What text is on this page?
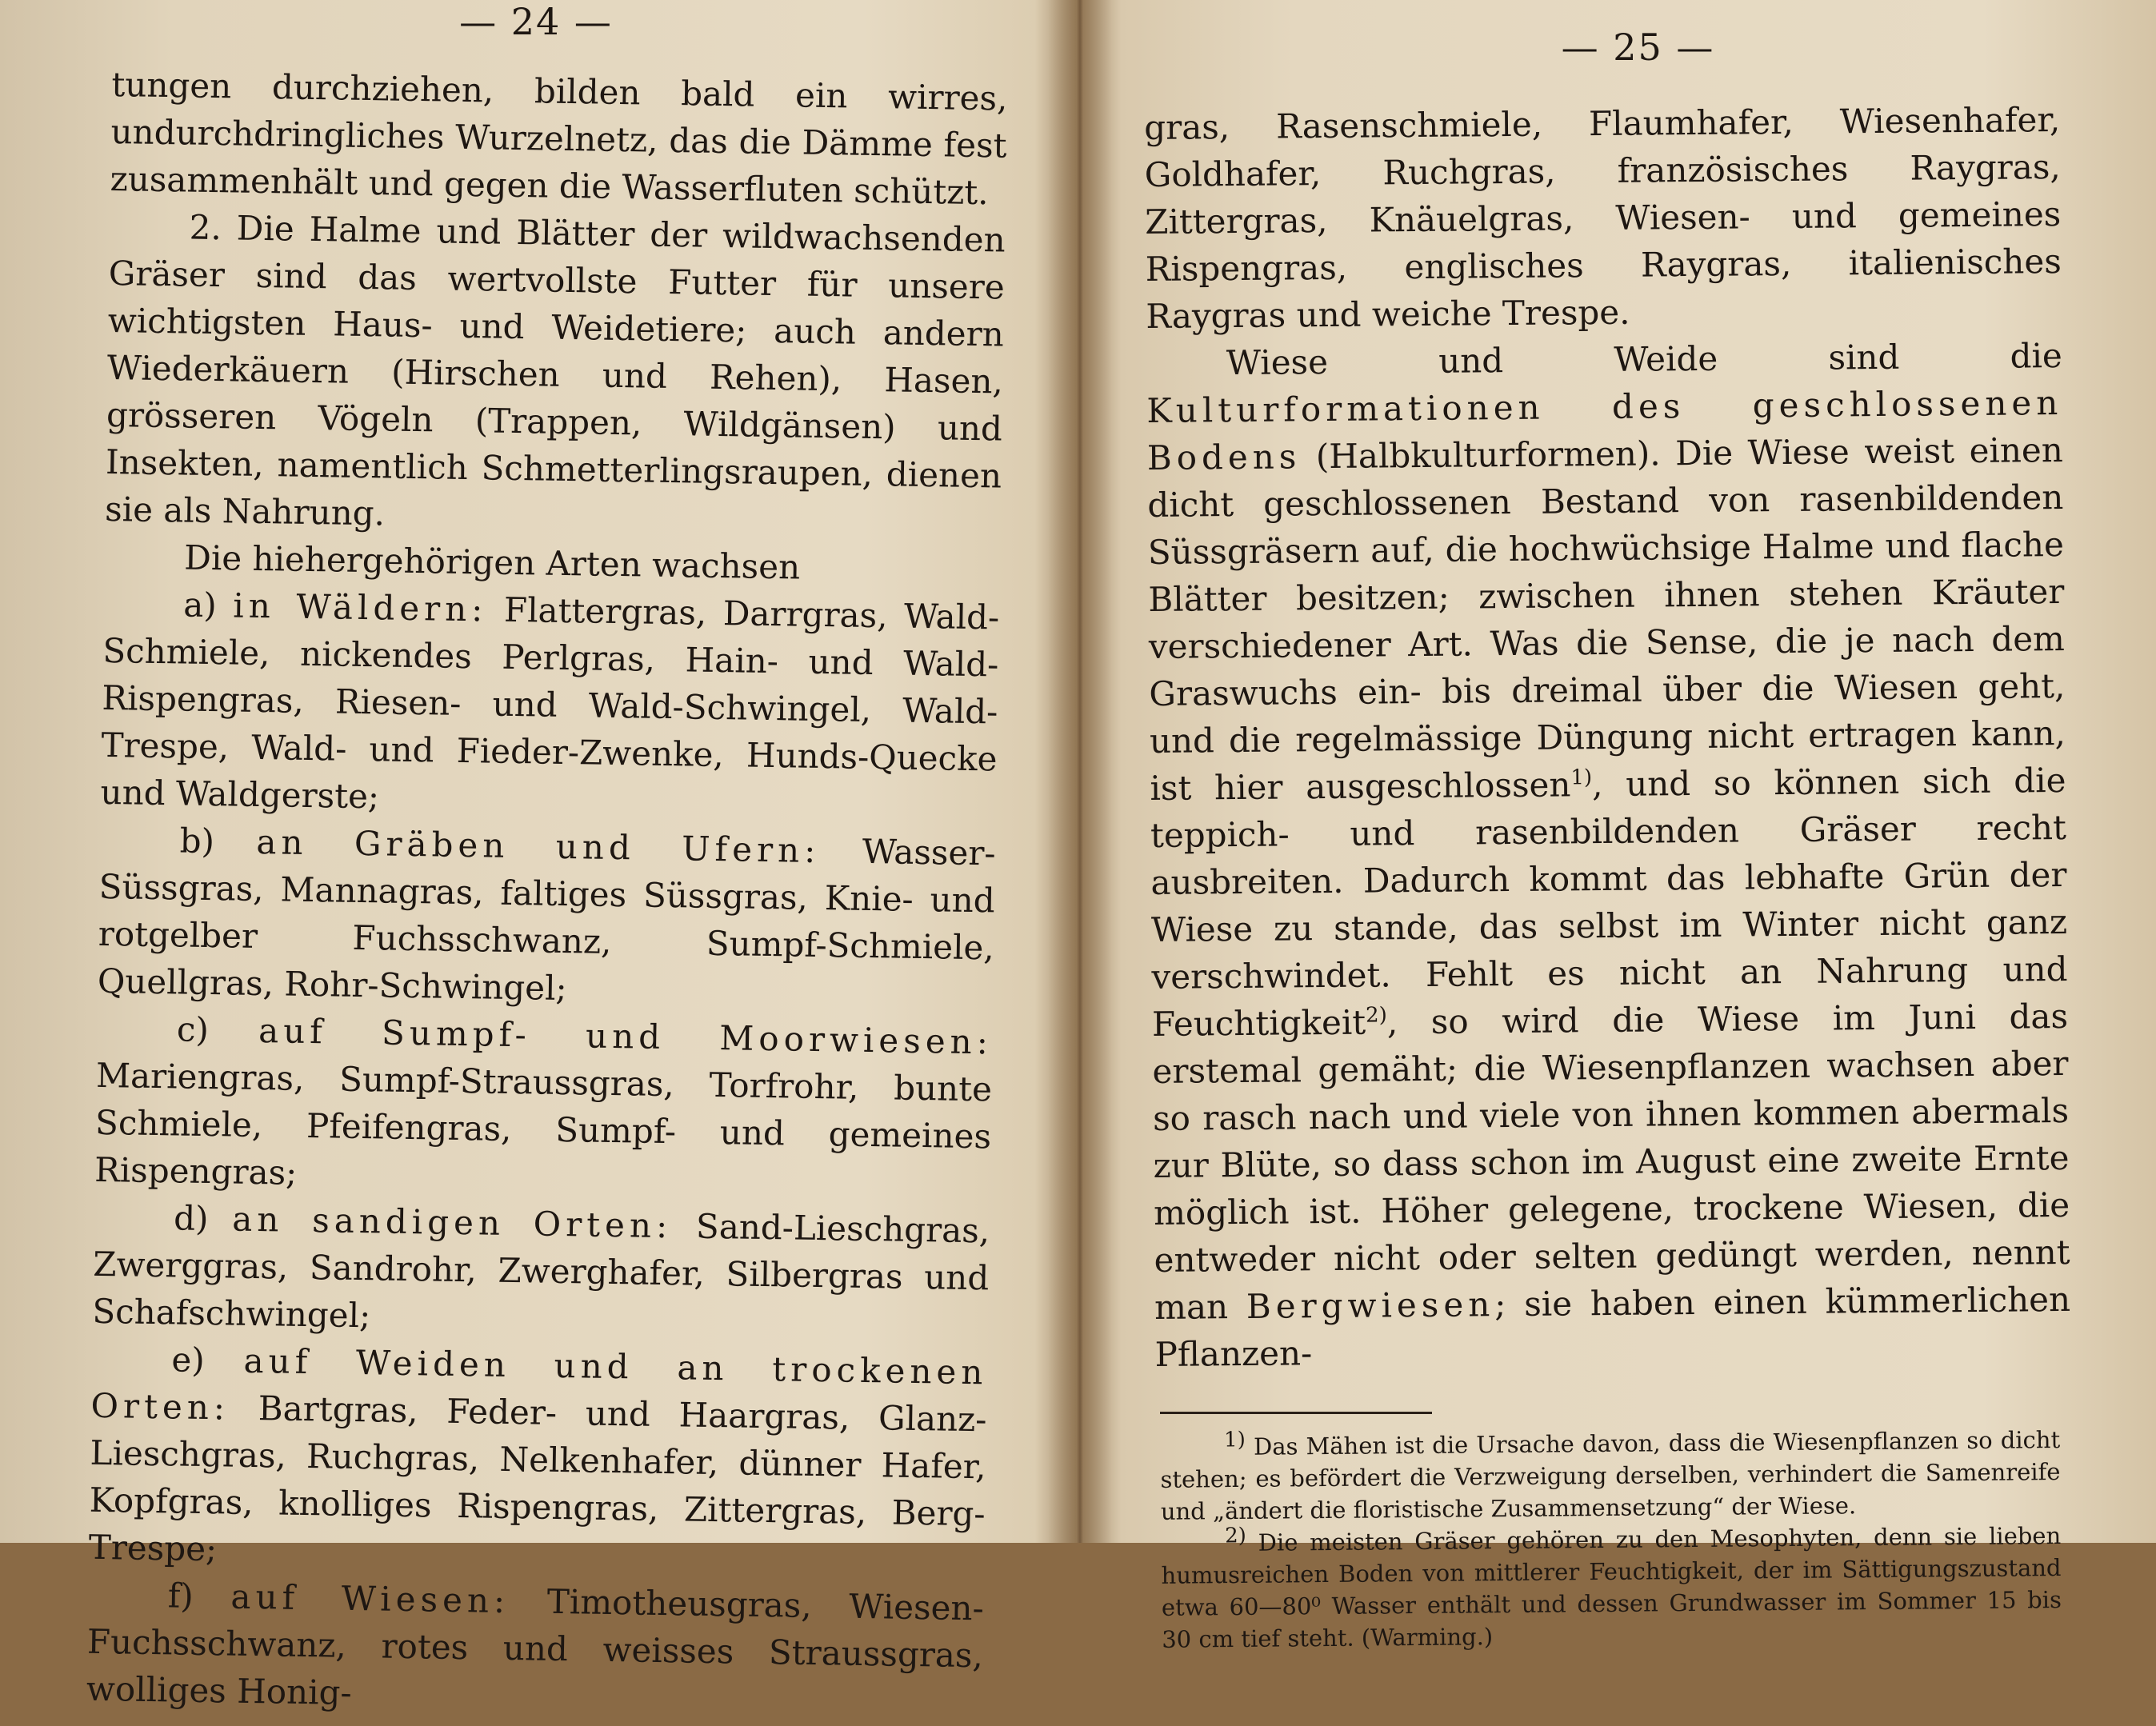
— 24 —

tungen durchziehen, bilden bald ein wirres, undurchdringliches Wurzelnetz, das die Dämme fest zusammenhält und gegen die Wasserfluten schützt.

2. Die Halme und Blätter der wildwachsenden Gräser sind das wertvollste Futter für unsere wichtigsten Haus- und Weidetiere; auch andern Wiederkäuern (Hirschen und Rehen), Hasen, grösseren Vögeln (Trappen, Wildgänsen) und Insekten, namentlich Schmetterlingsraupen, dienen sie als Nahrung.

Die hiehergehörigen Arten wachsen

a) in Wäldern: Flattergras, Darrgras, Wald-Schmiele, nickendes Perlgras, Hain- und Wald-Rispengras, Riesen- und Wald-Schwingel, Wald-Trespe, Wald- und Fieder-Zwenke, Hunds-Quecke und Waldgerste;

b) an Gräben und Ufern: Wasser-Süssgras, Mannagras, faltiges Süssgras, Knie- und rotgelber Fuchsschwanz, Sumpf-Schmiele, Quellgras, Rohr-Schwingel;

c) auf Sumpf- und Moorwiesen: Mariengras, Sumpf-Straussgras, Torfrohr, bunte Schmiele, Pfeifengras, Sumpf- und gemeines Rispengras;

d) an sandigen Orten: Sand-Lieschgras, Zwerggras, Sandrohr, Zwerghafer, Silbergras und Schafschwingel;

e) auf Weiden und an trockenen Orten: Bartgras, Feder- und Haargras, Glanz-Lieschgras, Ruchgras, Nelkenhafer, dünner Hafer, Kopfgras, knolliges Rispengras, Zittergras, Berg-Trespe;

f) auf Wiesen: Timotheusgras, Wiesen-Fuchsschwanz, rotes und weisses Straussgras, wolliges Honig-

— 25 —

gras, Rasenschmiele, Flaumhafer, Wiesenhafer, Goldhafer, Ruchgras, französisches Raygras, Zittergras, Knäuelgras, Wiesen- und gemeines Rispengras, englisches Raygras, italienisches Raygras und weiche Trespe.

Wiese und Weide sind die Kulturformationen des geschlossenen Bodens (Halbkulturformen). Die Wiese weist einen dicht geschlossenen Bestand von rasenbildenden Süssgräsern auf, die hochwüchsige Halme und flache Blätter besitzen; zwischen ihnen stehen Kräuter verschiedener Art. Was die Sense, die je nach dem Graswuchs ein- bis dreimal über die Wiesen geht, und die regelmässige Düngung nicht ertragen kann, ist hier ausgeschlossen$^{1)}$, und so können sich die teppich- und rasenbildenden Gräser recht ausbreiten. Dadurch kommt das lebhafte Grün der Wiese zu stande, das selbst im Winter nicht ganz verschwindet. Fehlt es nicht an Nahrung und Feuchtigkeit$^{2)}$, so wird die Wiese im Juni das erstemal gemäht; die Wiesenpflanzen wachsen aber so rasch nach und viele von ihnen kommen abermals zur Blüte, so dass schon im August eine zweite Ernte möglich ist. Höher gelegene, trockene Wiesen, die entweder nicht oder selten gedüngt werden, nennt man Bergwiesen; sie haben einen kümmerlichen Pflanzen-

$^{1)}$ Das Mähen ist die Ursache davon, dass die Wiesenpflanzen so dicht stehen; es befördert die Verzweigung derselben, verhindert die Samenreife und „ändert die floristische Zusammensetzung“ der Wiese.

$^{2)}$ Die meisten Gräser gehören zu den Mesophyten, denn sie lieben humusreichen Boden von mittlerer Feuchtigkeit, der im Sättigungszustand etwa 60—80⁰ Wasser enthält und dessen Grundwasser im Sommer 15 bis 30 cm tief steht. (Warming.)
